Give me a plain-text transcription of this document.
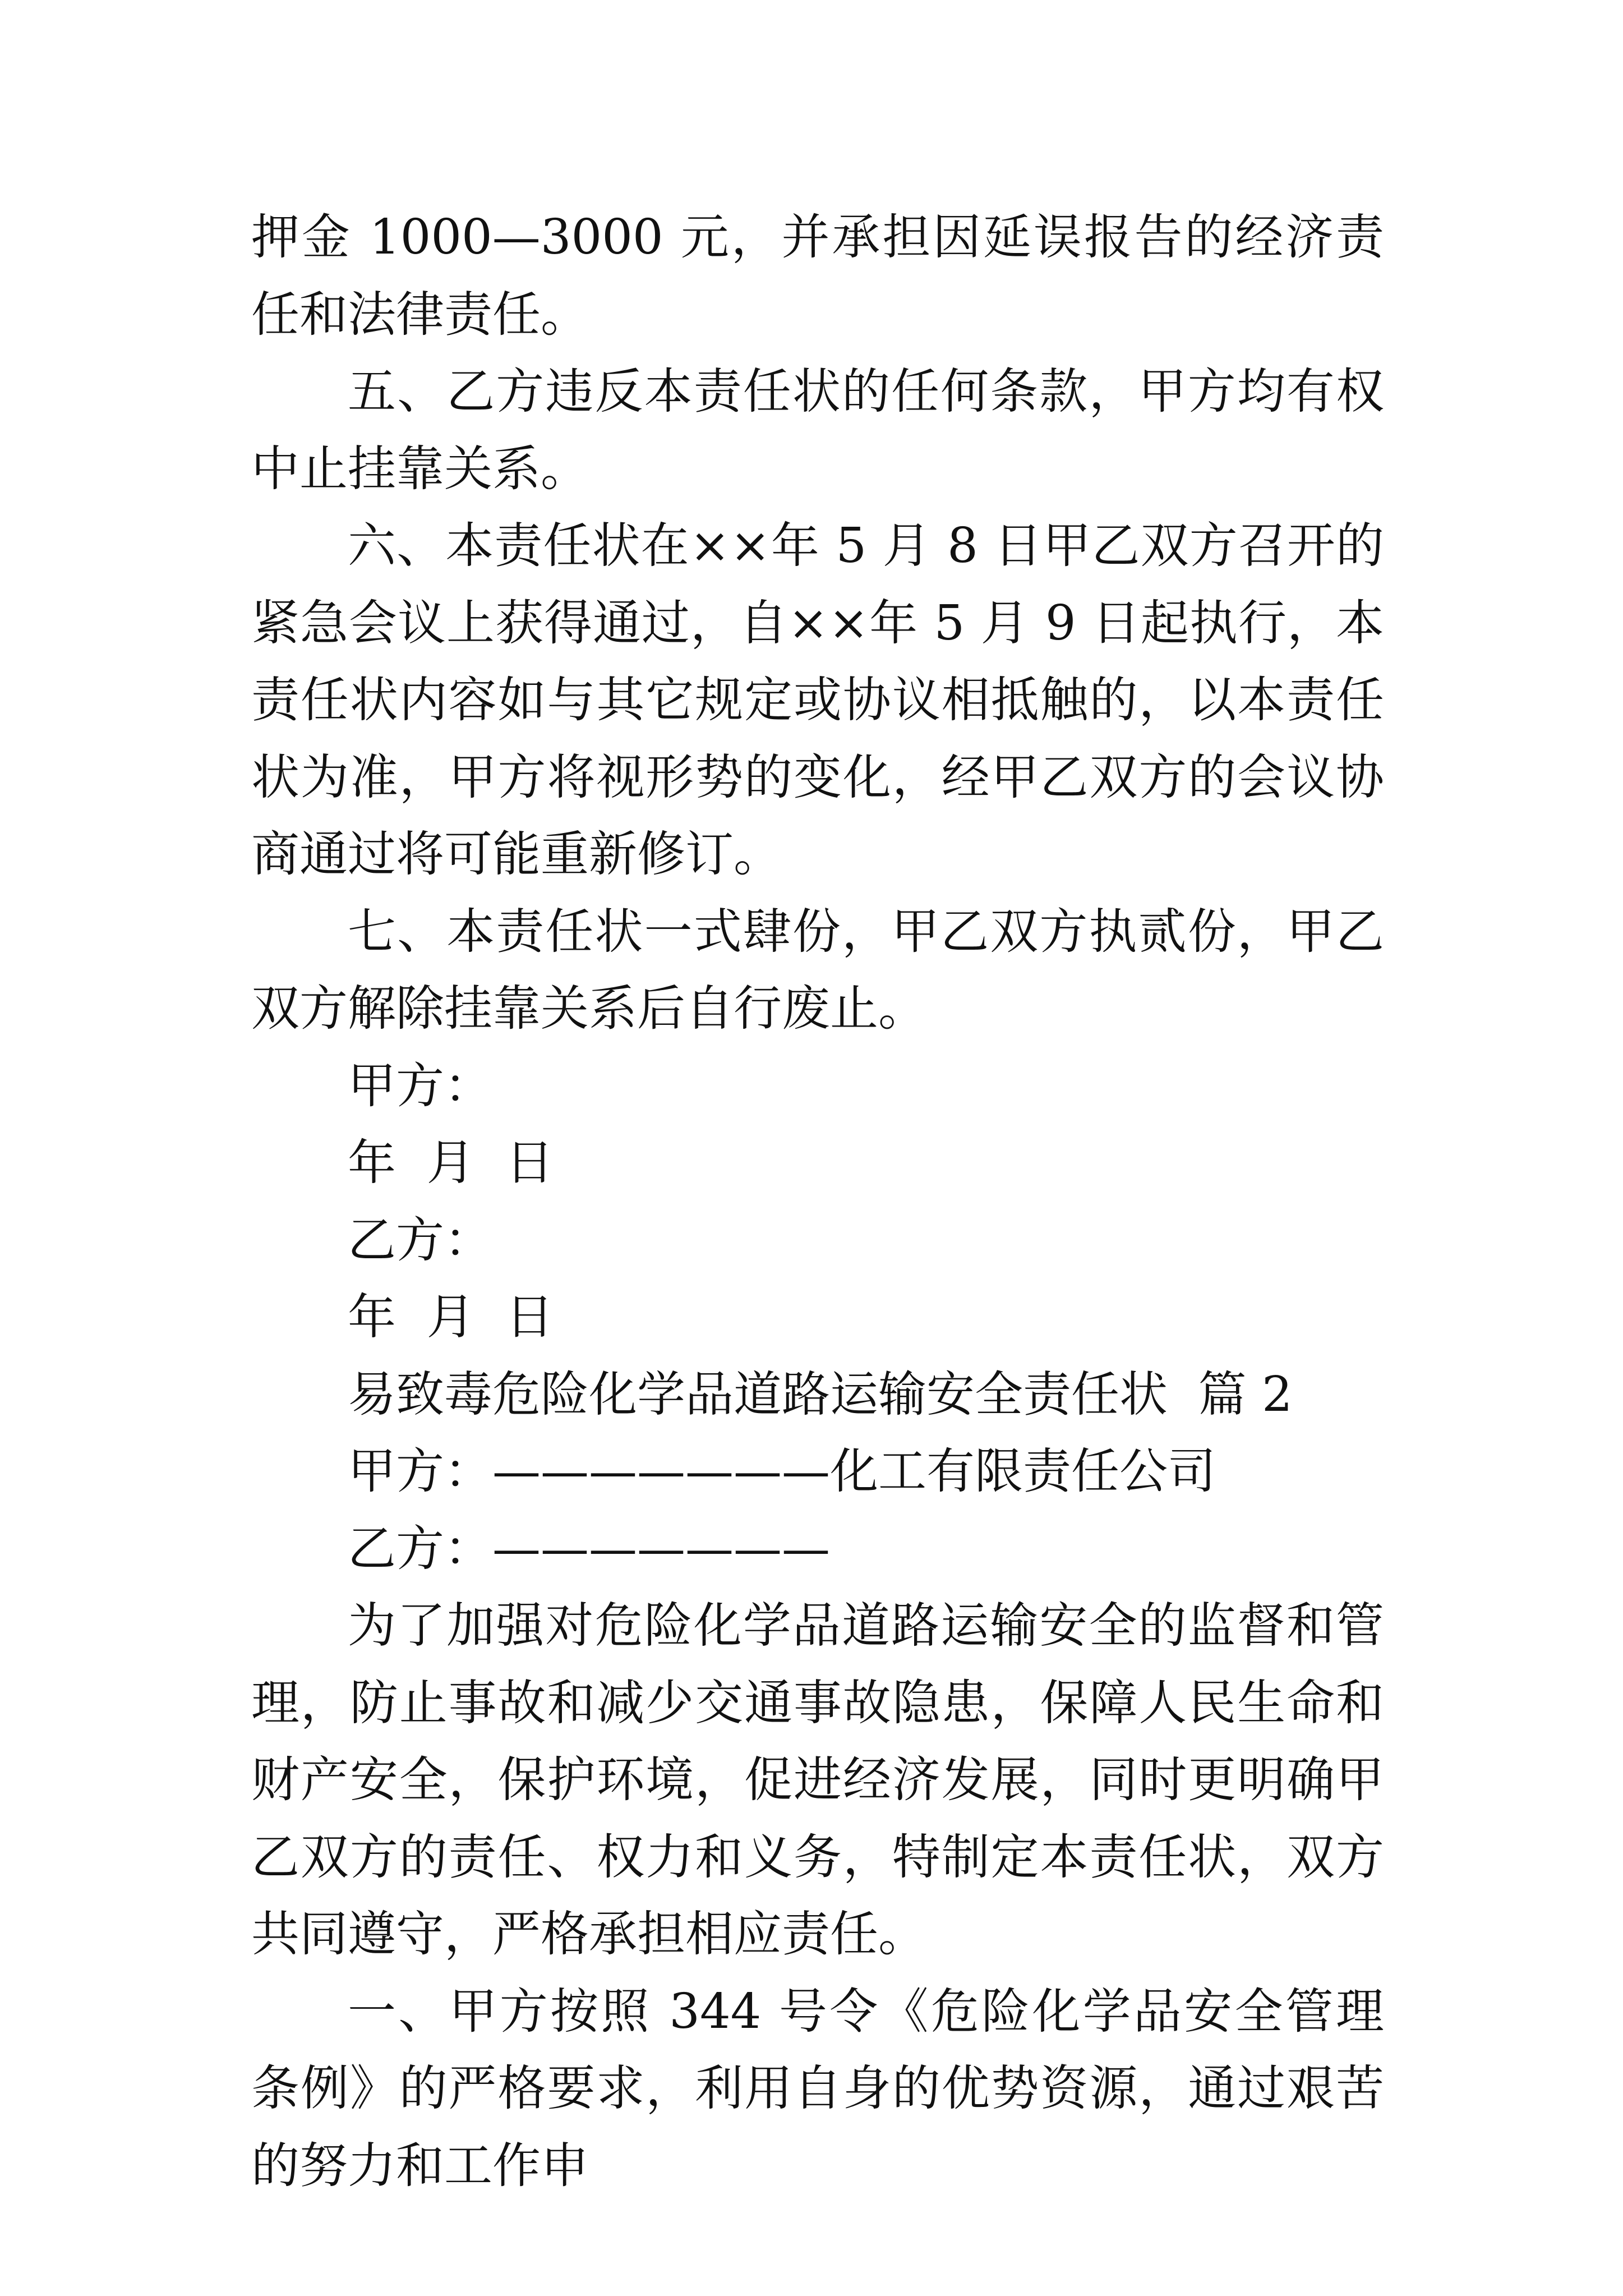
押金 1000—3000 元，并承担因延误报告的经济责任和法律责任。

五、乙方违反本责任状的任何条款，甲方均有权中止挂靠关系。

六、本责任状在××年 5 月 8 日甲乙双方召开的紧急会议上获得通过，自××年 5 月 9 日起执行，本责任状内容如与其它规定或协议相抵触的，以本责任状为准，甲方将视形势的变化，经甲乙双方的会议协商通过将可能重新修订。

七、本责任状一式肆份，甲乙双方执贰份，甲乙双方解除挂靠关系后自行废止。

甲方：

年  月  日

乙方：

年  月  日

易致毒危险化学品道路运输安全责任状  篇 2

甲方：———————化工有限责任公司

乙方：———————

为了加强对危险化学品道路运输安全的监督和管理，防止事故和减少交通事故隐患，保障人民生命和财产安全，保护环境，促进经济发展，同时更明确甲乙双方的责任、权力和义务，特制定本责任状，双方共同遵守，严格承担相应责任。

一、甲方按照 344 号令《危险化学品安全管理条例》的严格要求，利用自身的优势资源，通过艰苦的努力和工作申
